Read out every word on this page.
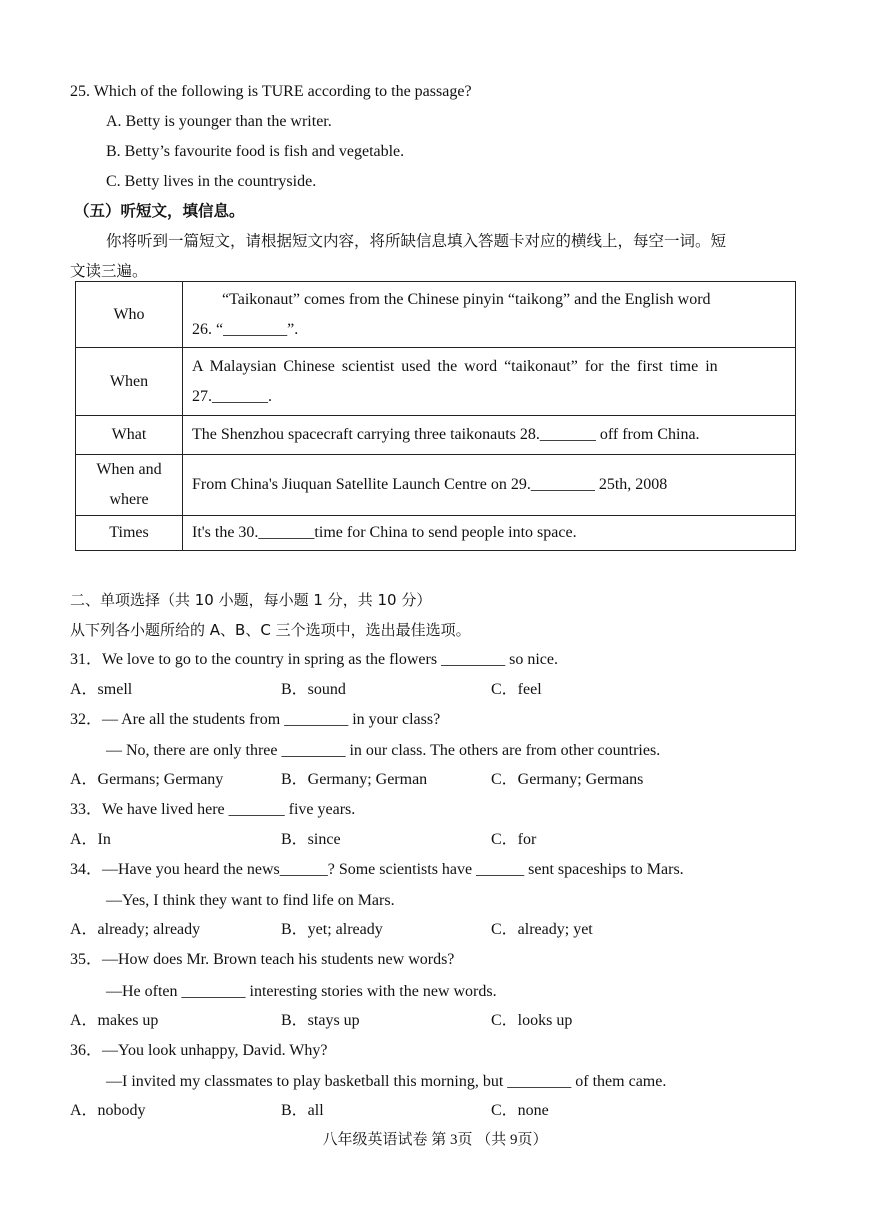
25. Which of the following is TURE according to the passage?
A. Betty is younger than the writer.
B. Betty’s favourite food is fish and vegetable.
C. Betty lives in the countryside.
（五）听短文，填信息。
你将听到一篇短文，请根据短文内容，将所缺信息填入答题卡对应的横线上，每空一词。短
文读三遍。
Who	“Taikonaut” comes from the Chinese pinyin “taikong” and the English word
26. “________”.

When	A Malaysian Chinese scientist used the word “taikonaut” for the first time in
27._______.

What	The Shenzhou spacecraft carrying three taikonauts 28._______ off from China.

When and
where	From China's Jiuquan Satellite Launch Centre on 29.________ 25th, 2008
Times	It's the 30._______time for China to send people into space.
二、单项选择（共 10 小题，每小题 1 分，共 10 分）
从下列各小题所给的 A、B、C 三个选项中，选出最佳选项。
31．We love to go to the country in spring as the flowers ________ so nice.
A．smell	B．sound	C．feel
32．— Are all the students from ________ in your class?
— No, there are only three ________ in our class. The others are from other countries.
A．Germans; Germany	B．Germany; German	C．Germany; Germans
33．We have lived here _______ five years.
A．In	B．since	C．for
34．—Have you heard the news______? Some scientists have ______ sent spaceships to Mars.
—Yes, I think they want to find life on Mars.
A．already; already	B．yet; already	C．already; yet
35．—How does Mr. Brown teach his students new words?
—He often ________ interesting stories with the new words.
A．makes up	B．stays up	C．looks up
36．—You look unhappy, David. Why?
—I invited my classmates to play basketball this morning, but ________ of them came.
A．nobody	B．all	C．none
八年级英语试卷 第 3页 （共 9页）
